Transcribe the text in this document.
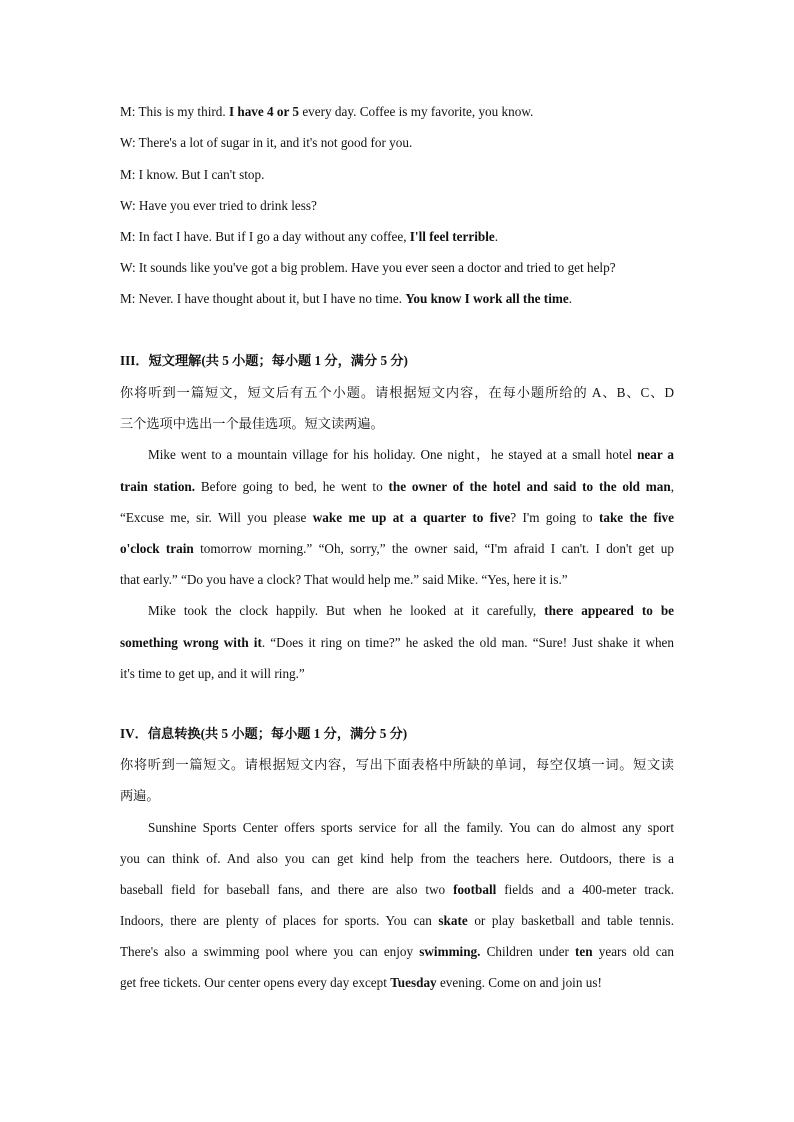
M: This is my third. I have 4 or 5 every day. Coffee is my favorite, you know.
W: There's a lot of sugar in it, and it's not good for you.
M: I know. But I can't stop.
W: Have you ever tried to drink less?
M: In fact I have. But if I go a day without any coffee, I'll feel terrible.
W: It sounds like you've got a big problem. Have you ever seen a doctor and tried to get help?
M: Never. I have thought about it, but I have no time. You know I work all the time.
III．短文理解(共 5 小题；每小题 1 分，满分 5 分)
你将听到一篇短文，短文后有五个小题。请根据短文内容，在每小题所给的 A、B、C、D
三个选项中选出一个最佳选项。短文读两遍。
Mike went to a mountain village for his holiday. One night，he stayed at a small hotel near a
train station. Before going to bed, he went to the owner of the hotel and said to the old man,
“Excuse me, sir. Will you please wake me up at a quarter to five? I'm going to take the five
o'clock train tomorrow morning.” “Oh, sorry,” the owner said, “I'm afraid I can't. I don't get up
that early.” “Do you have a clock? That would help me.” said Mike. “Yes, here it is.”
Mike took the clock happily. But when he looked at it carefully, there appeared to be
something wrong with it. “Does it ring on time?” he asked the old man. “Sure! Just shake it when
it's time to get up, and it will ring.”
IV．信息转换(共 5 小题；每小题 1 分，满分 5 分)
你将听到一篇短文。请根据短文内容，写出下面表格中所缺的单词，每空仅填一词。短文读
两遍。
Sunshine Sports Center offers sports service for all the family. You can do almost any sport
you can think of. And also you can get kind help from the teachers here. Outdoors, there is a
baseball field for baseball fans, and there are also two football fields and a 400-meter track.
Indoors, there are plenty of places for sports. You can skate or play basketball and table tennis.
There's also a swimming pool where you can enjoy swimming. Children under ten years old can
get free tickets. Our center opens every day except Tuesday evening. Come on and join us!
